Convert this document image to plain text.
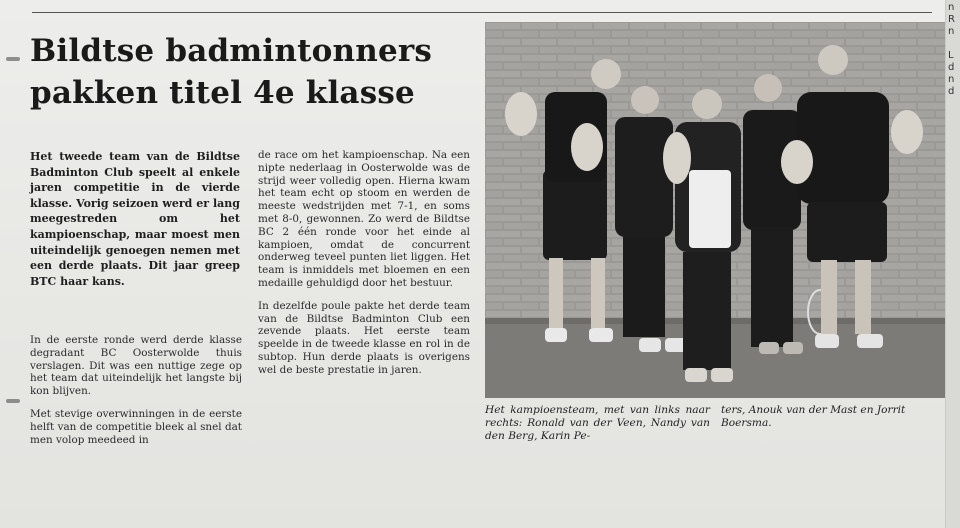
Bildtse badmintonners
pakken titel 4e klasse
Het tweede team van de Bildtse Badminton Club speelt al enkele jaren competitie in de vierde klasse. Vorig seizoen werd er lang meegestreden om het kampioenschap, maar moest men uiteindelijk genoegen nemen met een derde plaats. Dit jaar greep BTC haar kans.

In de eerste ronde werd derde klasse degradant BC Oosterwolde thuis verslagen. Dit was een nuttige zege op het team dat uiteindelijk het langste bij kon blijven.

Met stevige overwinningen in de eerste helft van de competitie bleek al snel dat men volop meedeed in

de race om het kampioenschap. Na een nipte nederlaag in Oosterwolde was de strijd weer volledig open. Hierna kwam het team echt op stoom en werden de meeste wedstrijden met 7-1, en soms met 8-0, gewonnen. Zo werd de Bildtse BC 2 één ronde voor het einde al kampioen, omdat de concurrent onderweg teveel punten liet liggen. Het team is inmiddels met bloemen en een medaille gehuldigd door het bestuur.

In dezelfde poule pakte het derde team van de Bildtse Badminton Club een zevende plaats. Het eerste team speelde in de tweede klasse en rol in de subtop. Hun derde plaats is overigens wel de beste prestatie in jaren.

Het kampioensteam, met van links naar rechts: Ronald van der Veen, Nandy van den Berg, Karin Pe-
ters, Anouk van der Mast en Jorrit Boersma.
n
R
n

L
d
n
d
